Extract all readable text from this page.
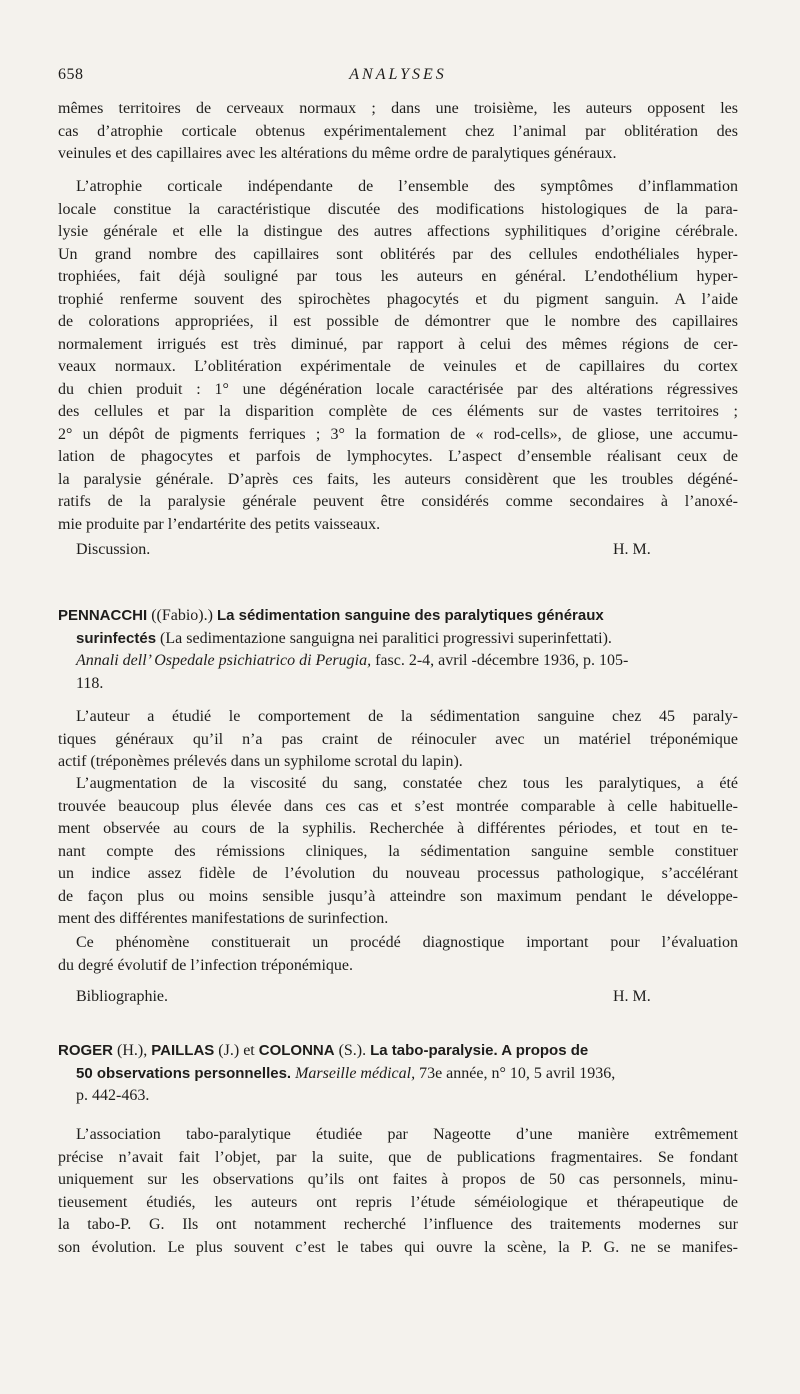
658	ANALYSES
mêmes territoires de cerveaux normaux ; dans une troisième, les auteurs opposent les
cas d’atrophie corticale obtenus expérimentalement chez l’animal par oblitération des
veinules et des capillaires avec les altérations du même ordre de paralytiques généraux.
L’atrophie corticale indépendante de l’ensemble des symptômes d’inflammation
locale constitue la caractéristique discutée des modifications histologiques de la para-
lysie générale et elle la distingue des autres affections syphilitiques d’origine cérébrale.
Un grand nombre des capillaires sont oblitérés par des cellules endothéliales hyper-
trophiées, fait déjà souligné par tous les auteurs en général. L’endothélium hyper-
trophié renferme souvent des spirochètes phagocytés et du pigment sanguin. A l’aide
de colorations appropriées, il est possible de démontrer que le nombre des capillaires
normalement irrigués est très diminué, par rapport à celui des mêmes régions de cer-
veaux normaux. L’oblitération expérimentale de veinules et de capillaires du cortex
du chien produit : 1° une dégénération locale caractérisée par des altérations régressives
des cellules et par la disparition complète de ces éléments sur de vastes territoires ;
2° un dépôt de pigments ferriques ; 3° la formation de « rod-cells», de gliose, une accumu-
lation de phagocytes et parfois de lymphocytes. L’aspect d’ensemble réalisant ceux de
la paralysie générale. D’après ces faits, les auteurs considèrent que les troubles dégéné-
ratifs de la paralysie générale peuvent être considérés comme secondaires à l’anoxé-
mie produite par l’endartérite des petits vaisseaux.
Discussion.	H. M.
PENNACCHI ((Fabio).) La sédimentation sanguine des paralytiques généraux
surinfectés (La sedimentazione sanguigna nei paralitici progressivi superinfettati).
Annali dell’ Ospedale psichiatrico di Perugia, fasc. 2-4, avril -décembre 1936, p. 105-
118.
L’auteur a étudié le comportement de la sédimentation sanguine chez 45 paraly-
tiques généraux qu’il n’a pas craint de réinoculer avec un matériel tréponémique
actif (tréponèmes prélevés dans un syphilome scrotal du lapin).
L’augmentation de la viscosité du sang, constatée chez tous les paralytiques, a été
trouvée beaucoup plus élevée dans ces cas et s’est montrée comparable à celle habituelle-
ment observée au cours de la syphilis. Recherchée à différentes périodes, et tout en te-
nant compte des rémissions cliniques, la sédimentation sanguine semble constituer
un indice assez fidèle de l’évolution du nouveau processus pathologique, s’accélérant
de façon plus ou moins sensible jusqu’à atteindre son maximum pendant le développe-
ment des différentes manifestations de surinfection.
Ce phénomène constituerait un procédé diagnostique important pour l’évaluation
du degré évolutif de l’infection tréponémique.
Bibliographie.	H. M.
ROGER (H.), PAILLAS (J.) et COLONNA (S.). La tabo-paralysie. A propos de
50 observations personnelles. Marseille médical, 73e année, n° 10, 5 avril 1936,
p. 442-463.
L’association tabo-paralytique étudiée par Nageotte d’une manière extrêmement
précise n’avait fait l’objet, par la suite, que de publications fragmentaires. Se fondant
uniquement sur les observations qu’ils ont faites à propos de 50 cas personnels, minu-
tieusement étudiés, les auteurs ont repris l’étude séméiologique et thérapeutique de
la tabo-P. G. Ils ont notamment recherché l’influence des traitements modernes sur
son évolution. Le plus souvent c’est le tabes qui ouvre la scène, la P. G. ne se manifes-
